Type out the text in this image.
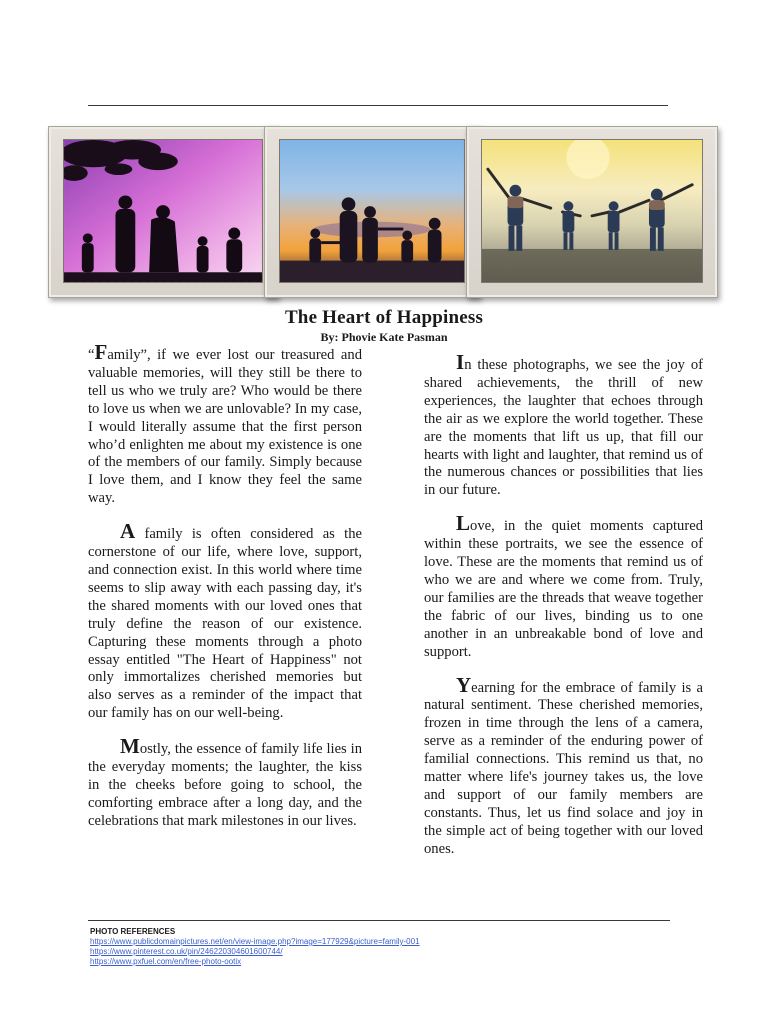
The Heart of Happiness
By: Phovie Kate Pasman

“Family”, if we ever lost our treasured and valuable memories, will they still be there to tell us who we truly are? Who would be there to love us when we are unlovable? In my case, I would literally assume that the first person who’d enlighten me about my existence is one of the members of our family. Simply because I love them, and I know they feel the same way.

A family is often considered as the cornerstone of our life, where love, support, and connection exist. In this world where time seems to slip away with each passing day, it's the shared moments with our loved ones that truly define the reason of our existence. Capturing these moments through a photo essay entitled "The Heart of Happiness" not only immortalizes cherished memories but also serves as a reminder of the impact that our family has on our well-being.

Mostly, the essence of family life lies in the everyday moments; the laughter, the kiss in the cheeks before going to school, the comforting embrace after a long day, and the celebrations that mark milestones in our lives.

In these photographs, we see the joy of shared achievements, the thrill of new experiences, the laughter that echoes through the air as we explore the world together. These are the moments that lift us up, that fill our hearts with light and laughter, that remind us of the numerous chances or possibilities that lies in our future.

Love, in the quiet moments captured within these portraits, we see the essence of love. These are the moments that remind us of who we are and where we come from. Truly, our families are the threads that weave together the fabric of our lives, binding us to one another in an unbreakable bond of love and support.

Yearning for the embrace of family is a natural sentiment. These cherished memories, frozen in time through the lens of a camera, serve as a reminder of the enduring power of familial connections. This remind us that, no matter where life's journey takes us, the love and support of our family members are constants. Thus, let us find solace and joy in the simple act of being together with our loved ones.

PHOTO REFERENCES
https://www.publicdomainpictures.net/en/view-image.php?image=177929&picture=family-001
https://www.pinterest.co.uk/pin/246220304601600744/
https://www.pxfuel.com/en/free-photo-ootix
